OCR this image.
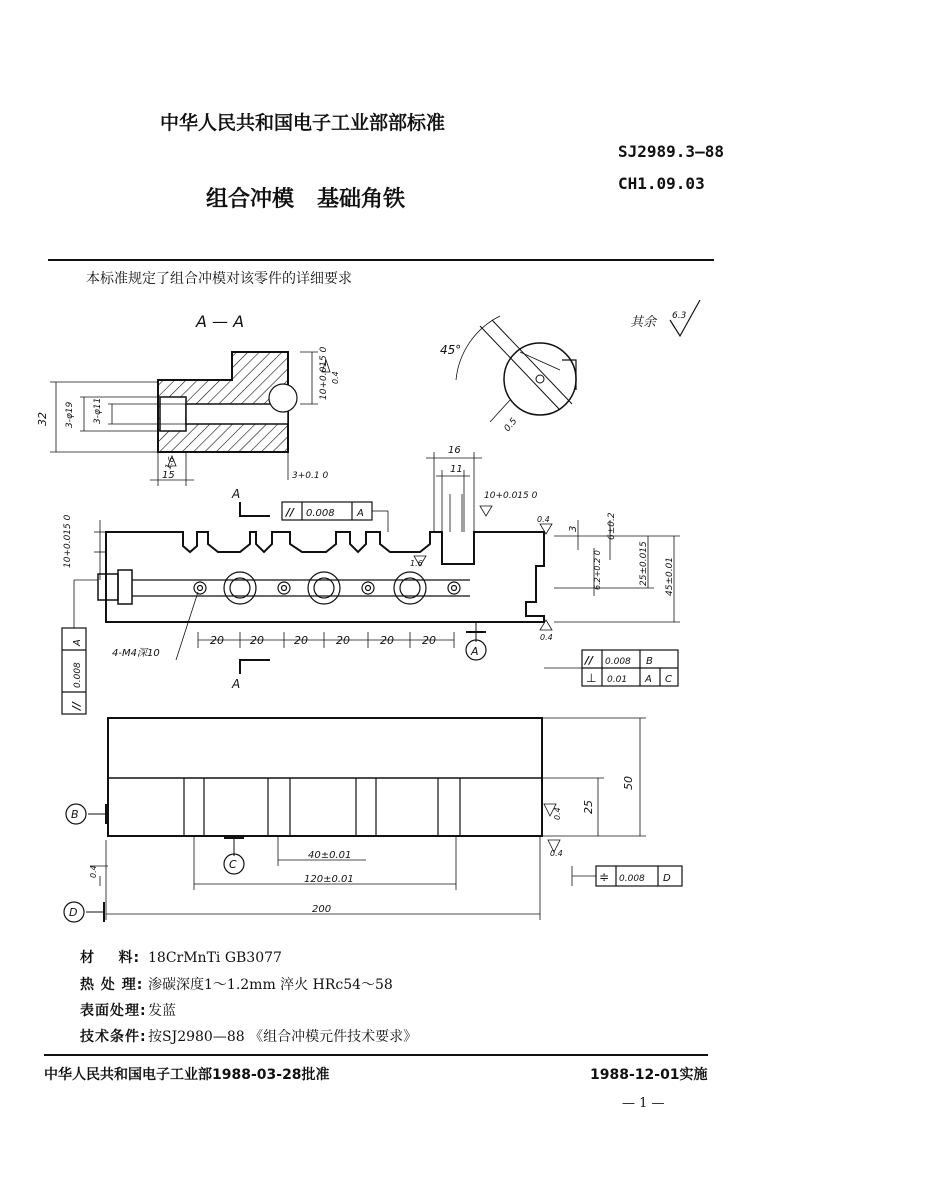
中华人民共和国电子工业部部标准
SJ2989.3—88
组合冲模   基础角铁
CH1.09.03
本标准规定了组合冲模对该零件的详细要求
A — A	其余 6.3
45°
0.5
32 3-φ19 3-φ11
15
1.6
3+0.1 0
10+0.015 0 0.4
16
11
10+0.015 0
0.4
3	6±0.2
1.6	6.2+0.2 0	25±0.015 45±0.01
10+0.015 0
0.4
20 20	20	20	20	20
4-M4深10
A
A
A
// 0.008 A
A
0.008
//
// 0.008 B
⊥ 0.01 A C
50
25
0.4
0.4
0.4
40±0.01
120±0.01
200
B
C
D
≑ 0.008 D
材    料: 18CrMnTi GB3077
热 处 理: 渗碳深度1～1.2mm 淬火 HRc54～58
表面处理:发蓝
技术条件:按SJ2980—88 《组合冲模元件技术要求》
中华人民共和国电子工业部1988-03-28批准	1988-12-01实施
— 1 —
